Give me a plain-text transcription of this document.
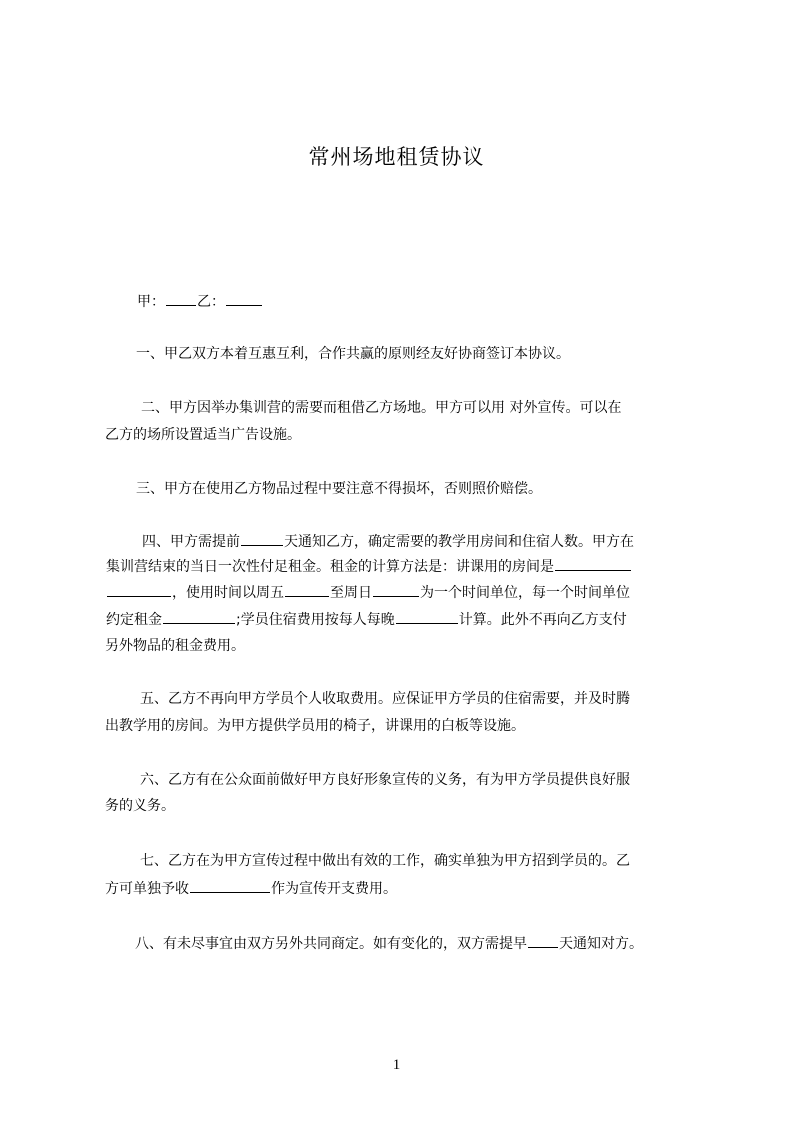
常州场地租赁协议
甲： 乙：
一、甲乙双方本着互惠互利，合作共赢的原则经友好协商签订本协议。
二、甲方因举办集训营的需要而租借乙方场地。甲方可以用 对外宣传。可以在
乙方的场所设置适当广告设施。
三、甲方在使用乙方物品过程中要注意不得损坏，否则照价赔偿。
四、甲方需提前	天通知乙方，确定需要的教学用房间和住宿人数。甲方在
集训营结束的当日一次性付足租金。租金的计算方法是：讲课用的房间是
，使用时间以周五	至周日	为一个时间单位，每一个时间单位
约定租金	;学员住宿费用按每人每晚	计算。此外不再向乙方支付
另外物品的租金费用。
五、乙方不再向甲方学员个人收取费用。应保证甲方学员的住宿需要，并及时腾
出教学用的房间。为甲方提供学员用的椅子，讲课用的白板等设施。
六、乙方有在公众面前做好甲方良好形象宣传的义务，有为甲方学员提供良好服
务的义务。
七、乙方在为甲方宣传过程中做出有效的工作，确实单独为甲方招到学员的。乙
方可单独予收	作为宣传开支费用。
八、有未尽事宜由双方另外共同商定。如有变化的，双方需提早 天通知对方。
1
